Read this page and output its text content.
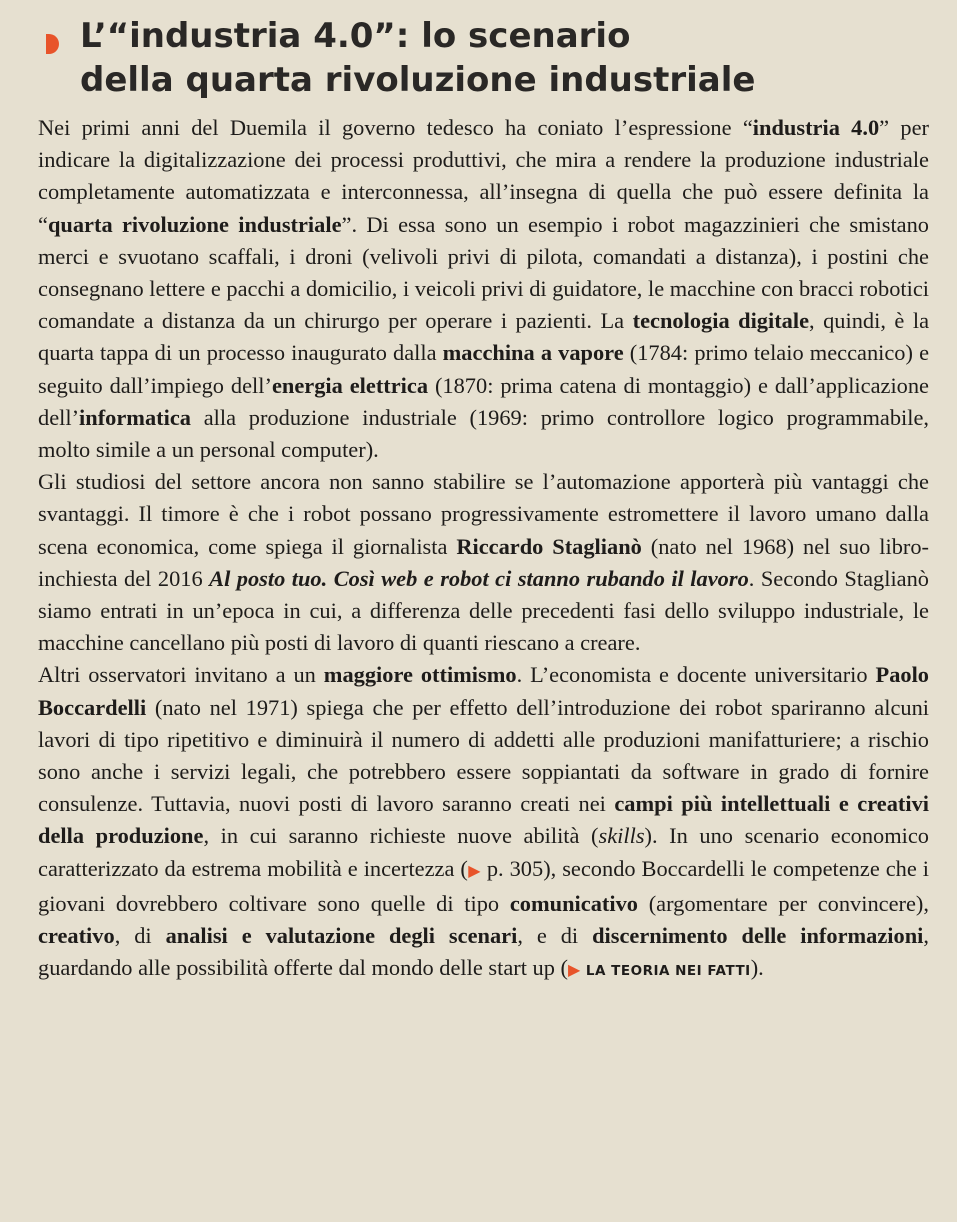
L’“industria 4.0”: lo scenario
della quarta rivoluzione industriale

Nei primi anni del Duemila il governo tedesco ha coniato l’espressione “industria 4.0” per indicare la digitalizzazione dei processi produttivi, che mira a rendere la produzione industriale completamente automatizzata e interconnessa, all’insegna di quella che può essere definita la “quarta rivoluzione industriale”. Di essa sono un esempio i robot magazzinieri che smistano merci e svuotano scaffali, i droni (velivoli privi di pilota, comandati a distanza), i postini che consegnano lettere e pacchi a domicilio, i veicoli privi di guidatore, le macchine con bracci robotici comandate a distanza da un chirurgo per operare i pazienti. La tecnologia digitale, quindi, è la quarta tappa di un processo inaugurato dalla macchina a vapore (1784: primo telaio meccanico) e seguito dall’impiego dell’energia elettrica (1870: prima catena di montaggio) e dall’applicazione dell’informatica alla produzione industriale (1969: primo controllore logico programmabile, molto simile a un personal computer).

Gli studiosi del settore ancora non sanno stabilire se l’automazione apporterà più vantaggi che svantaggi. Il timore è che i robot possano progressivamente estromettere il lavoro umano dalla scena economica, come spiega il giornalista Riccardo Staglianò (nato nel 1968) nel suo libro-inchiesta del 2016 Al posto tuo. Così web e robot ci stanno rubando il lavoro. Secondo Staglianò siamo entrati in un’epoca in cui, a differenza delle precedenti fasi dello sviluppo industriale, le macchine cancellano più posti di lavoro di quanti riescano a creare.

Altri osservatori invitano a un maggiore ottimismo. L’economista e docente universitario Paolo Boccardelli (nato nel 1971) spiega che per effetto dell’introduzione dei robot spariranno alcuni lavori di tipo ripetitivo e diminuirà il numero di addetti alle produzioni manifatturiere; a rischio sono anche i servizi legali, che potrebbero essere soppiantati da software in grado di fornire consulenze. Tuttavia, nuovi posti di lavoro saranno creati nei campi più intellettuali e creativi della produzione, in cui saranno richieste nuove abilità (skills). In uno scenario economico caratterizzato da estrema mobilità e incertezza (▶ p. 305), secondo Boccardelli le competenze che i giovani dovrebbero coltivare sono quelle di tipo comunicativo (argomentare per convincere), creativo, di analisi e valutazione degli scenari, e di discernimento delle informazioni, guardando alle possibilità offerte dal mondo delle start up (▶ LA TEORIA NEI FATTI).
